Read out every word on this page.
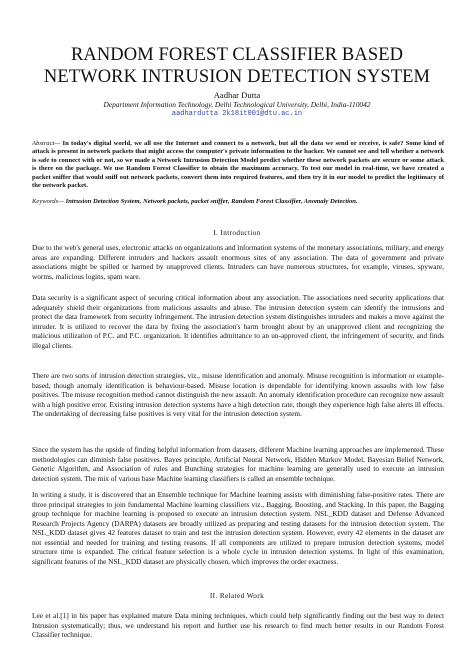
RANDOM FOREST CLASSIFIER BASED
NETWORK INTRUSION DETECTION SYSTEM
Aadhar Dutta
Department Information Technology, Delhi Technological University, Delhi, India-110042
aadhardutta 2k18it001@dtu.ac.in
Abstract— In today's digital world, we all use the Internet and connect to a network, but all the data we send or receive, is safe? Some kind of attack is present in network packets that might access the computer's private information to the hacker. We cannot see and tell whether a network is safe to connect with or not, so we made a Network Intrusion Detection Model predict whether these network packets are secure or some attack is there on the package. We use Random Forest Classifier to obtain the maximum accuracy. To test our model in real-time, we have created a packet sniffer that would sniff out network packets, convert them into required features, and then try it in our model to predict the legitimacy of the network packet.
Keywords— Intrusion Detection System, Network packets, packet sniffer, Random Forest Classifier, Anomaly Detection.
I. Introduction
Due to the web's general uses, electronic attacks on organizations and information systems of the monetary associations, military, and energy areas are expanding. Different intruders and hackers assault enormous sites of any association. The data of government and private associations might be spilled or harmed by unapproved clients. Intruders can have numerous structures, for example, viruses, spyware, worms, malicious logins, spam ware.
Data security is a significant aspect of securing critical information about any association. The associations need security applications that adequately shield their organizations from malicious assaults and abuse. The intrusion detection system can identify the intrusions and protect the data framework from security infringement. The intrusion detection system distinguishes intruders and makes a move against the intruder. It is utilized to recover the data by fixing the association's harm brought about by an unapproved client and recognizing the malicious utilization of P.C. and P.C. organization. It identifies admittance to an un-approved client, the infringement of security, and finds illegal clients.
There are two sorts of intrusion detection strategies, viz., misuse identification and anomaly. Misuse recognition is information or example-based, though anomaly identification is behaviour-based. Misuse location is dependable for identifying known assaults with low false positives. The misuse recognition method cannot distinguish the new assault. An anomaly identification procedure can recognize new assault with a high positive error. Existing intrusion detection systems have a high detection rate, though they experience high false alerts ill effects. The undertaking of decreasing false positives is very vital for the intrusion detection system.
Since the system has the upside of finding helpful information from datasets, different Machine learning approaches are implemented. These methodologies can diminish false positives. Bayes principle, Artificial Neural Network, Hidden Markov Model, Bayesian Belief Network, Genetic Algorithm, and Association of rules and Bunching strategies for machine learning are generally used to execute an intrusion detection system. The mix of various base Machine learning classifiers is called an ensemble technique.
In writing a study, it is discovered that an Ensemble technique for Machine learning assists with diminishing false-positive rates. There are three principal strategies to join fundamental Machine learning classifiers viz., Bagging, Boosting, and Stacking. In this paper, the Bagging group technique for machine learning is proposed to execute an intrusion detection system. NSL_KDD dataset and Defense Advanced Research Projects Agency (DARPA) datasets are broadly utilized as preparing and testing datasets for the intrusion detection system. The NSL_KDD dataset gives 42 features dataset to train and test the intrusion detection system. However, every 42 elements in the dataset are not essential and needed for training and testing reasons. If all components are utilized to prepare intrusion detection systems, model structure time is expanded. The critical feature selection is a whole cycle in intrusion detection systems. In light of this examination, significant features of the NSL_KDD dataset are physically chosen, which improves the order exactness.
II. Related Work
Lee et al.[1] in his paper has explained mature Data mining techniques, which could help significantly finding out the best way to detect Intrusion systematically; thus, we understand his report and further use his research to find much better results in our Random Forest Classifier technique.
